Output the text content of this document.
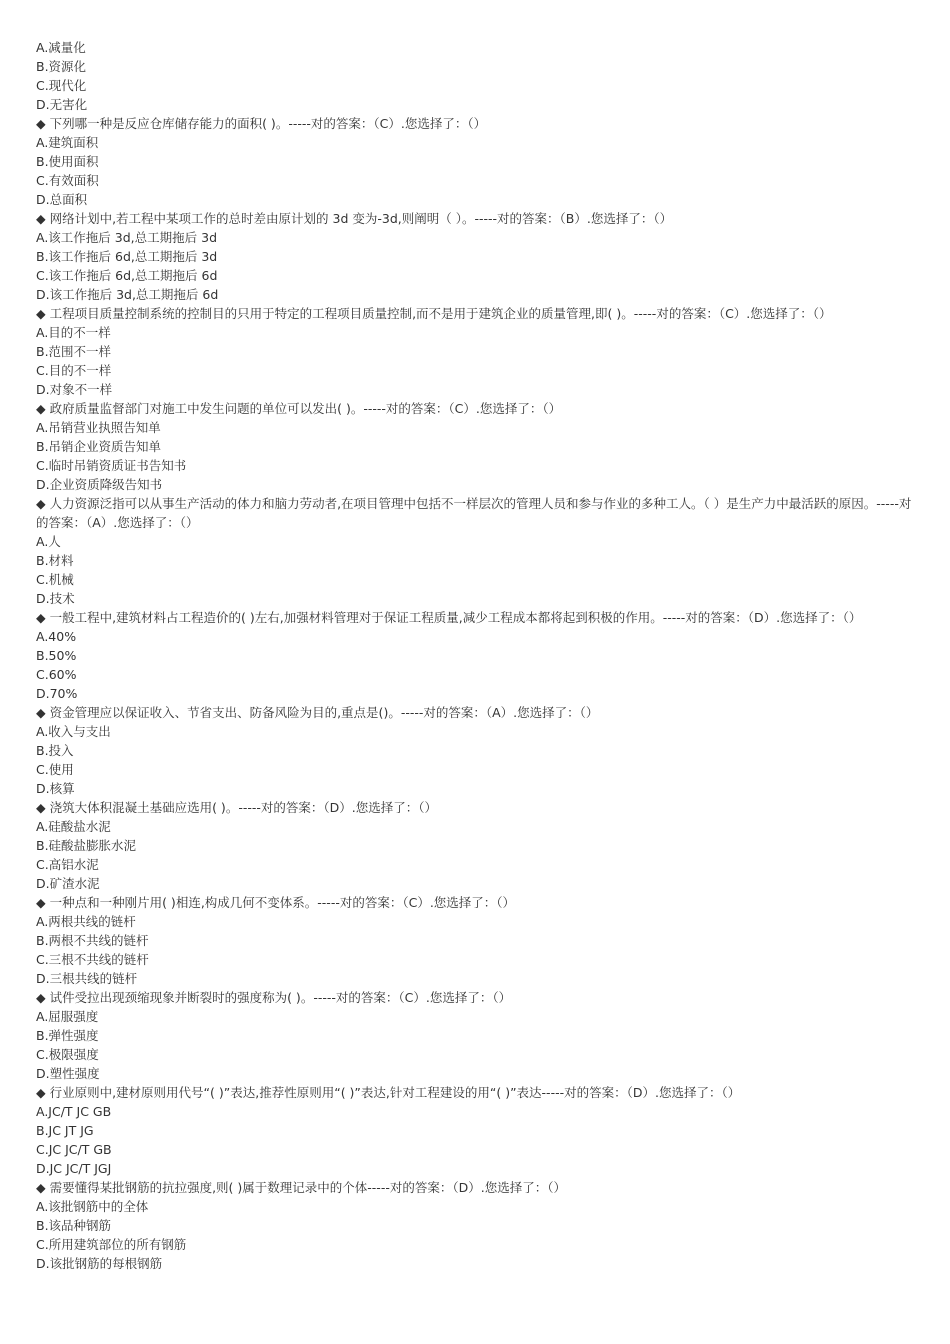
A.减量化

B.资源化

C.现代化

D.无害化

◆ 下列哪一种是反应仓库储存能力的面积( )。-----对的答案：（C）.您选择了：（）

A.建筑面积

B.使用面积

C.有效面积

D.总面积

◆ 网络计划中,若工程中某项工作的总时差由原计划的 3d 变为-3d,则阐明（ ）。-----对的答案：（B）.您选择了：（）

A.该工作拖后 3d,总工期拖后 3d

B.该工作拖后 6d,总工期拖后 3d

C.该工作拖后 6d,总工期拖后 6d

D.该工作拖后 3d,总工期拖后 6d

◆ 工程项目质量控制系统的控制目的只用于特定的工程项目质量控制,而不是用于建筑企业的质量管理,即( )。-----对的答案：（C）.您选择了：（）

A.目的不一样

B.范围不一样

C.目的不一样

D.对象不一样

◆ 政府质量监督部门对施工中发生问题的单位可以发出( )。-----对的答案：（C）.您选择了：（）

A.吊销营业执照告知单

B.吊销企业资质告知单

C.临时吊销资质证书告知书

D.企业资质降级告知书

◆ 人力资源泛指可以从事生产活动的体力和脑力劳动者,在项目管理中包括不一样层次的管理人员和参与作业的多种工人。（ ）是生产力中最活跃的原因。-----对的答案：（A）.您选择了：（）

A.人

B.材料

C.机械

D.技术

◆ 一般工程中,建筑材料占工程造价的( )左右,加强材料管理对于保证工程质量,减少工程成本都将起到积极的作用。-----对的答案：（D）.您选择了：（）

A.40%

B.50%

C.60%

D.70%

◆ 资金管理应以保证收入、节省支出、防备风险为目的,重点是()。-----对的答案：（A）.您选择了：（）

A.收入与支出

B.投入

C.使用

D.核算

◆ 浇筑大体积混凝土基础应选用( )。-----对的答案：（D）.您选择了：（）

A.硅酸盐水泥

B.硅酸盐膨胀水泥

C.高铝水泥

D.矿渣水泥

◆ 一种点和一种刚片用( )相连,构成几何不变体系。-----对的答案：（C）.您选择了：（）

A.两根共线的链杆

B.两根不共线的链杆

C.三根不共线的链杆

D.三根共线的链杆

◆ 试件受拉出现颈缩现象并断裂时的强度称为( )。-----对的答案：（C）.您选择了：（）

A.屈服强度

B.弹性强度

C.极限强度

D.塑性强度

◆ 行业原则中,建材原则用代号“( )”表达,推荐性原则用“( )”表达,针对工程建设的用“( )”表达-----对的答案：（D）.您选择了：（）

A.JC/T JC GB

B.JC JT JG

C.JC JC/T GB

D.JC JC/T JGJ

◆ 需要懂得某批钢筋的抗拉强度,则( )属于数理记录中的个体-----对的答案：（D）.您选择了：（）

A.该批钢筋中的全体

B.该品种钢筋

C.所用建筑部位的所有钢筋

D.该批钢筋的每根钢筋
